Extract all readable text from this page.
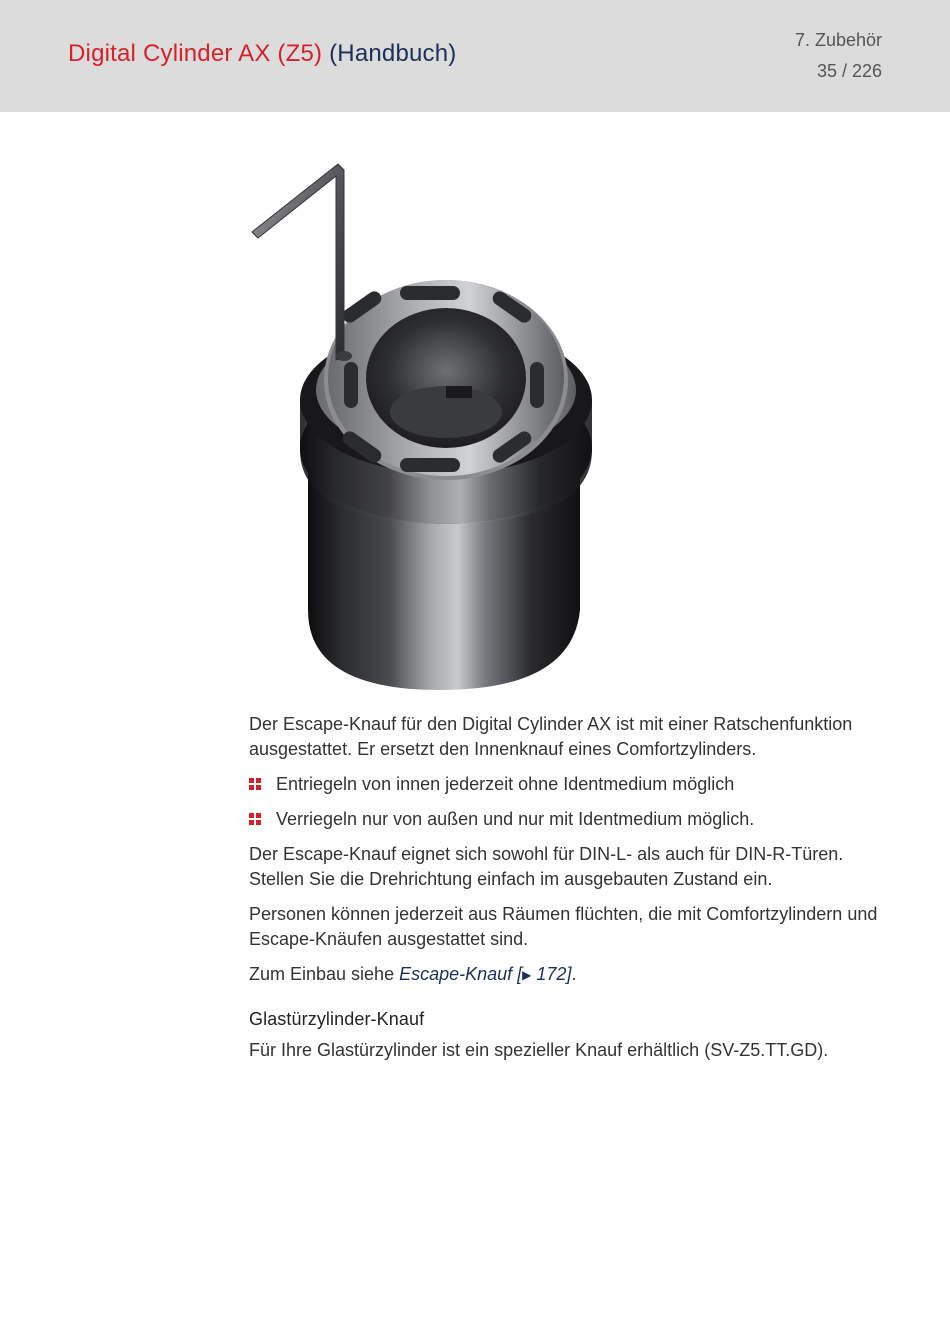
Digital Cylinder AX (Z5) (Handbuch)	7. Zubehör
35 / 226

Der Escape-Knauf für den Digital Cylinder AX ist mit einer Ratschenfunktion ausgestattet. Er ersetzt den Innenknauf eines Comfortzylinders.

Entriegeln von innen jederzeit ohne Identmedium möglich
Verriegeln nur von außen und nur mit Identmedium möglich.

Der Escape-Knauf eignet sich sowohl für DIN-L- als auch für DIN-R-Türen. Stellen Sie die Drehrichtung einfach im ausgebauten Zustand ein.

Personen können jederzeit aus Räumen flüchten, die mit Comfortzylindern und Escape-Knäufen ausgestattet sind.

Zum Einbau siehe Escape-Knauf [▶ 172].

Glastürzylinder-Knauf

Für Ihre Glastürzylinder ist ein spezieller Knauf erhältlich (SV-Z5.TT.GD).
